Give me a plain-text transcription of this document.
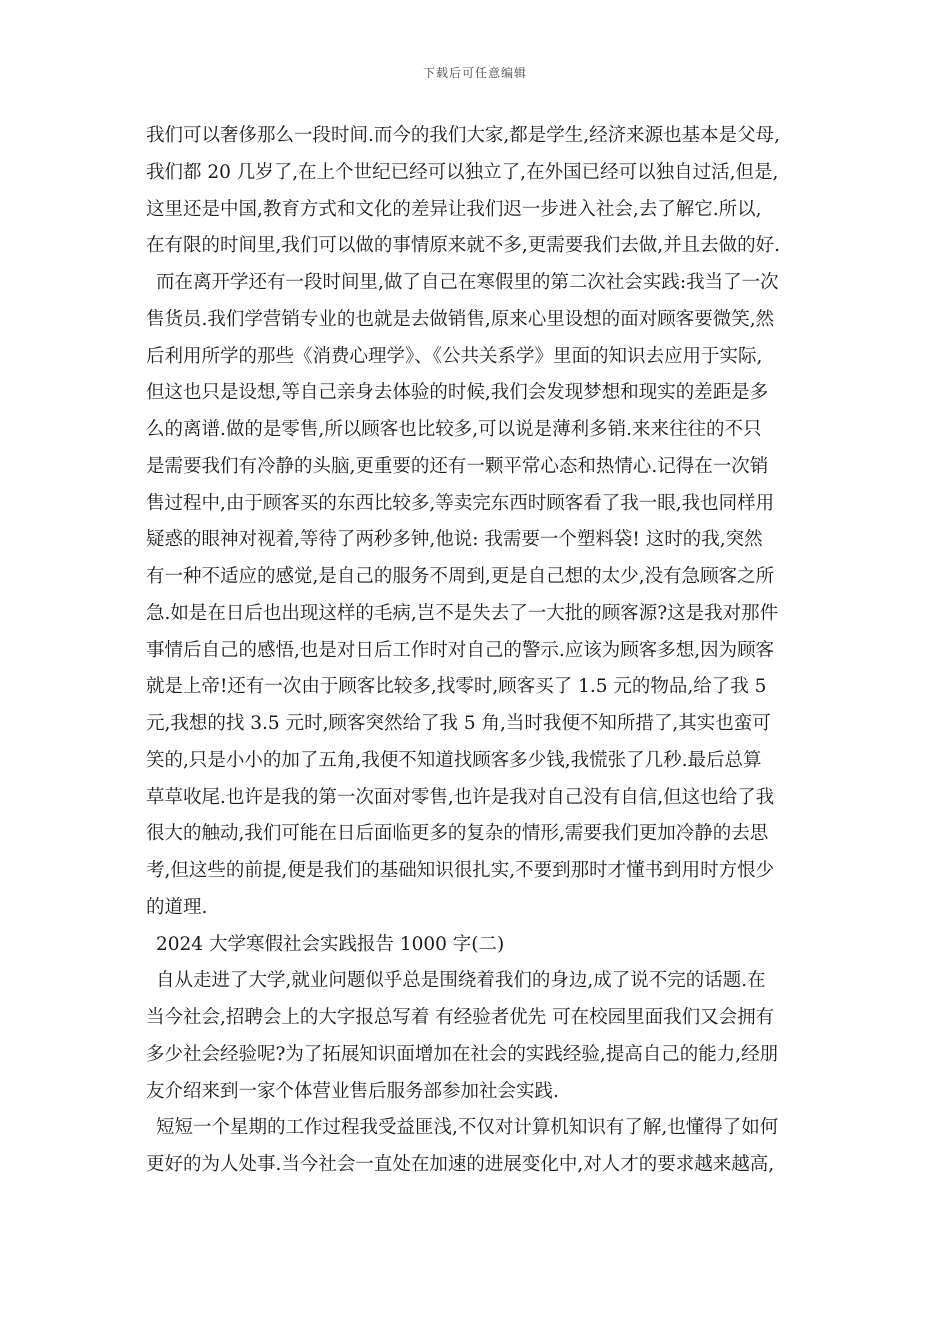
下载后可任意编辑
我们可以奢侈那么一段时间.而今的我们大家,都是学生,经济来源也基本是父母,
我们都 20 几岁了,在上个世纪已经可以独立了,在外国已经可以独自过活,但是,
这里还是中国,教育方式和文化的差异让我们迟一步进入社会,去了解它.所以,
在有限的时间里,我们可以做的事情原来就不多,更需要我们去做,并且去做的好.
而在离开学还有一段时间里,做了自己在寒假里的第二次社会实践:我当了一次
售货员.我们学营销专业的也就是去做销售,原来心里设想的面对顾客要微笑,然
后利用所学的那些《消费心理学》、《公共关系学》里面的知识去应用于实际,
但这也只是设想,等自己亲身去体验的时候,我们会发现梦想和现实的差距是多
么的离谱.做的是零售,所以顾客也比较多,可以说是薄利多销.来来往往的不只
是需要我们有冷静的头脑,更重要的还有一颗平常心态和热情心.记得在一次销
售过程中,由于顾客买的东西比较多,等卖完东西时顾客看了我一眼,我也同样用
疑惑的眼神对视着,等待了两秒多钟,他说: 我需要一个塑料袋! 这时的我,突然
有一种不适应的感觉,是自己的服务不周到,更是自己想的太少,没有急顾客之所
急.如是在日后也出现这样的毛病,岂不是失去了一大批的顾客源?这是我对那件
事情后自己的感悟,也是对日后工作时对自己的警示.应该为顾客多想,因为顾客
就是上帝!还有一次由于顾客比较多,找零时,顾客买了 1.5 元的物品,给了我 5
元,我想的找 3.5 元时,顾客突然给了我 5 角,当时我便不知所措了,其实也蛮可
笑的,只是小小的加了五角,我便不知道找顾客多少钱,我慌张了几秒.最后总算
草草收尾.也许是我的第一次面对零售,也许是我对自己没有自信,但这也给了我
很大的触动,我们可能在日后面临更多的复杂的情形,需要我们更加冷静的去思
考,但这些的前提,便是我们的基础知识很扎实,不要到那时才懂书到用时方恨少
的道理.
2024 大学寒假社会实践报告 1000 字(二)
自从走进了大学,就业问题似乎总是围绕着我们的身边,成了说不完的话题.在
当今社会,招聘会上的大字报总写着 有经验者优先 可在校园里面我们又会拥有
多少社会经验呢?为了拓展知识面增加在社会的实践经验,提高自己的能力,经朋
友介绍来到一家个体营业售后服务部参加社会实践.
短短一个星期的工作过程我受益匪浅,不仅对计算机知识有了解,也懂得了如何
更好的为人处事.当今社会一直处在加速的进展变化中,对人才的要求越来越高,
